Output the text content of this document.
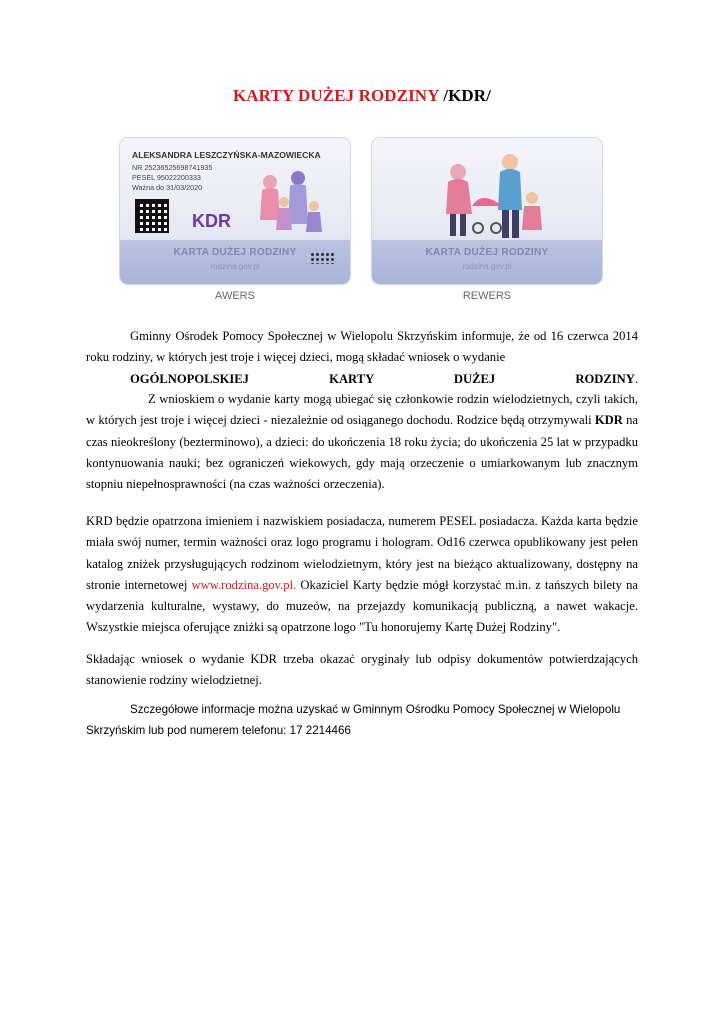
KARTY DUŻEJ RODZINY /KDR/
ALEKSANDRA LESZCZYŃSKA-MAZOWIECKA
NR 25236525698741935
PESEL 95022200333
Ważna do 31/03/2020
KDR
KARTA DUŻEJ RODZINY
rodzina.gov.pl
AWERS
KARTA DUŻEJ RODZINY
rodzina.gov.pl
REWERS
Gminny Ośrodek Pomocy Społecznej w Wielopolu Skrzyńskim informuje, że od 16 czerwca 2014 roku rodziny, w których jest troje i więcej dzieci, mogą składać wniosek o wydanie
OGÓLNOPOLSKIEJ KARTY DUŻEJ RODZINY.
Z wnioskiem o wydanie karty mogą ubiegać się członkowie rodzin wielodzietnych, czyli takich, w których jest troje i więcej dzieci - niezależnie od osiąganego dochodu. Rodzice będą otrzymywali KDR na czas nieokreślony (bezterminowo), a dzieci: do ukończenia 18 roku życia; do ukończenia 25 lat w przypadku kontynuowania nauki; bez ograniczeń wiekowych, gdy mają orzeczenie o umiarkowanym lub znacznym stopniu niepełnosprawności (na czas ważności orzeczenia).
KRD będzie opatrzona imieniem i nazwiskiem posiadacza, numerem PESEL posiadacza. Każda karta będzie miała swój numer, termin ważności oraz logo programu i hologram. Od16 czerwca opublikowany jest pełen katalog zniżek przysługujących rodzinom wielodzietnym, który jest na bieżąco aktualizowany, dostępny na stronie internetowej www.rodzina.gov.pl. Okaziciel Karty będzie mógł korzystać m.in. z tańszych bilety na wydarzenia kulturalne, wystawy, do muzeów, na przejazdy komunikacją publiczną, a nawet wakacje. Wszystkie miejsca oferujące zniżki są opatrzone logo "Tu honorujemy Kartę Dużej Rodziny".
Składając wniosek o wydanie KDR trzeba okazać oryginały lub odpisy dokumentów potwierdzających stanowienie rodziny wielodzietnej.
Szczegółowe informacje można uzyskać w Gminnym Ośrodku Pomocy Społecznej w Wielopolu Skrzyńskim lub pod numerem telefonu: 17 2214466
